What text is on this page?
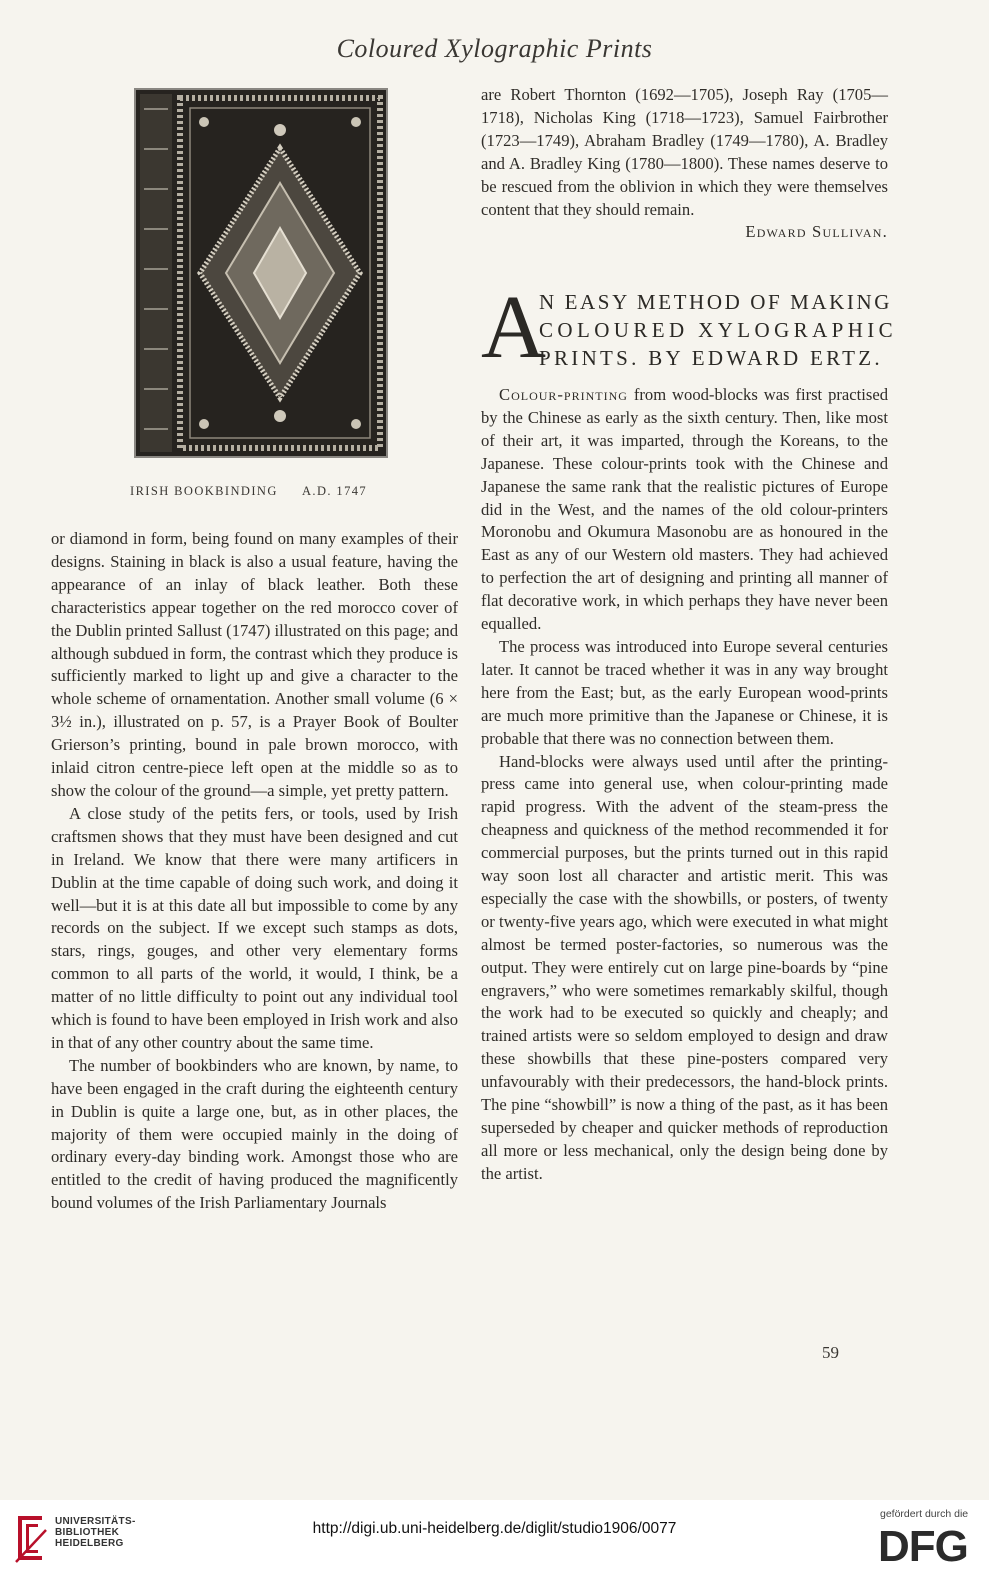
Coloured Xylographic Prints
IRISH BOOKBINDING A.D. 1747

or diamond in form, being found on many examples of their designs. Staining in black is also a usual feature, having the appearance of an inlay of black leather. Both these characteristics appear together on the red morocco cover of the Dublin printed Sallust (1747) illustrated on this page; and although subdued in form, the contrast which they produce is sufficiently marked to light up and give a character to the whole scheme of ornamentation. Another small volume (6 × 3½ in.), illustrated on p. 57, is a Prayer Book of Boulter Grierson’s printing, bound in pale brown morocco, with inlaid citron centre-piece left open at the middle so as to show the colour of the ground—a simple, yet pretty pattern.

A close study of the petits fers, or tools, used by Irish craftsmen shows that they must have been designed and cut in Ireland. We know that there were many artificers in Dublin at the time capable of doing such work, and doing it well—but it is at this date all but impossible to come by any records on the subject. If we except such stamps as dots, stars, rings, gouges, and other very elementary forms common to all parts of the world, it would, I think, be a matter of no little difficulty to point out any individual tool which is found to have been employed in Irish work and also in that of any other country about the same time.

The number of bookbinders who are known, by name, to have been engaged in the craft during the eighteenth century in Dublin is quite a large one, but, as in other places, the majority of them were occupied mainly in the doing of ordinary every-day binding work. Amongst those who are entitled to the credit of having produced the magnificently bound volumes of the Irish Parliamentary Journals

are Robert Thornton (1692—1705), Joseph Ray (1705—1718), Nicholas King (1718—1723), Samuel Fairbrother (1723—1749), Abraham Bradley (1749—1780), A. Bradley and A. Bradley King (1780—1800). These names deserve to be rescued from the oblivion in which they were themselves content that they should remain.

Edward Sullivan.

A
N EASY METHOD OF MAKING
COLOURED XYLOGRAPHIC
PRINTS. BY EDWARD ERTZ.

Colour-printing from wood-blocks was first practised by the Chinese as early as the sixth century. Then, like most of their art, it was imparted, through the Koreans, to the Japanese. These colour-prints took with the Chinese and Japanese the same rank that the realistic pictures of Europe did in the West, and the names of the old colour-printers Moronobu and Okumura Masonobu are as honoured in the East as any of our Western old masters. They had achieved to perfection the art of designing and printing all manner of flat decorative work, in which perhaps they have never been equalled.

The process was introduced into Europe several centuries later. It cannot be traced whether it was in any way brought here from the East; but, as the early European wood-prints are much more primitive than the Japanese or Chinese, it is probable that there was no connection between them.

Hand-blocks were always used until after the printing-press came into general use, when colour-printing made rapid progress. With the advent of the steam-press the cheapness and quickness of the method recommended it for commercial purposes, but the prints turned out in this rapid way soon lost all character and artistic merit. This was especially the case with the showbills, or posters, of twenty or twenty-five years ago, which were executed in what might almost be termed poster-factories, so numerous was the output. They were entirely cut on large pine-boards by “pine engravers,” who were sometimes remarkably skilful, though the work had to be executed so quickly and cheaply; and trained artists were so seldom employed to design and draw these showbills that these pine-posters compared very unfavourably with their predecessors, the hand-block prints. The pine “showbill” is now a thing of the past, as it has been superseded by cheaper and quicker methods of reproduction all more or less mechanical, only the design being done by the artist.

59
UNIVERSITÄTS-
BIBLIOTHEK
HEIDELBERG
http://digi.ub.uni-heidelberg.de/diglit/studio1906/0077
gefördert durch die
DFG
